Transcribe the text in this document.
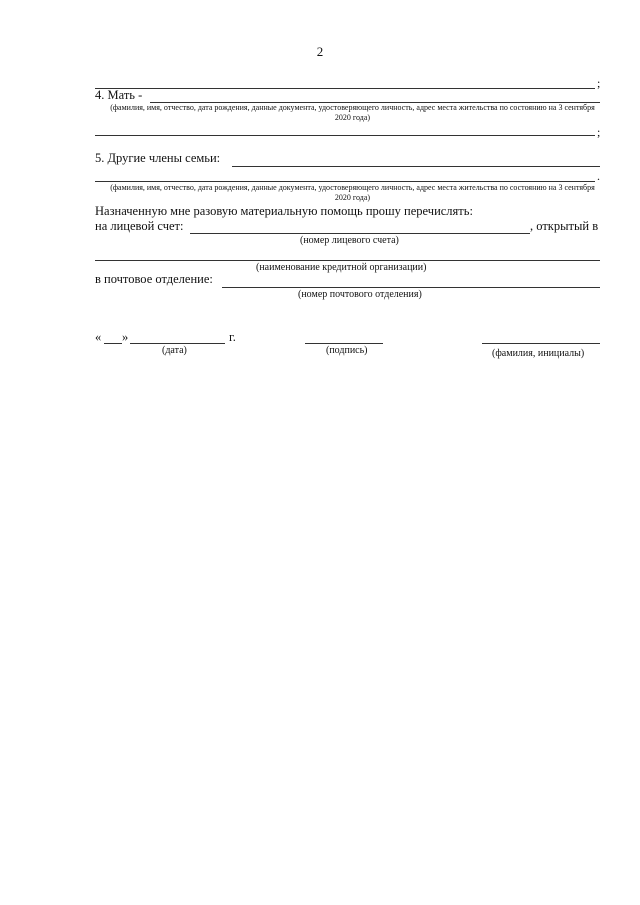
2
;
4. Мать -
(фамилия, имя, отчество, дата рождения, данные документа, удостоверяющего личность, адрес места жительства по состоянию на 3 сентября 2020 года)
;
5. Другие члены семьи:
.
(фамилия, имя, отчество, дата рождения, данные документа, удостоверяющего личность, адрес места жительства по состоянию на 3 сентября 2020 года)
Назначенную мне разовую материальную помощь прошу перечислять:
на лицевой счет:	, открытый в
(номер лицевого счета)
(наименование кредитной организации)
в почтовое отделение:
(номер почтового отделения)
« »	г.
(дата)	(подпись)	(фамилия, инициалы)
